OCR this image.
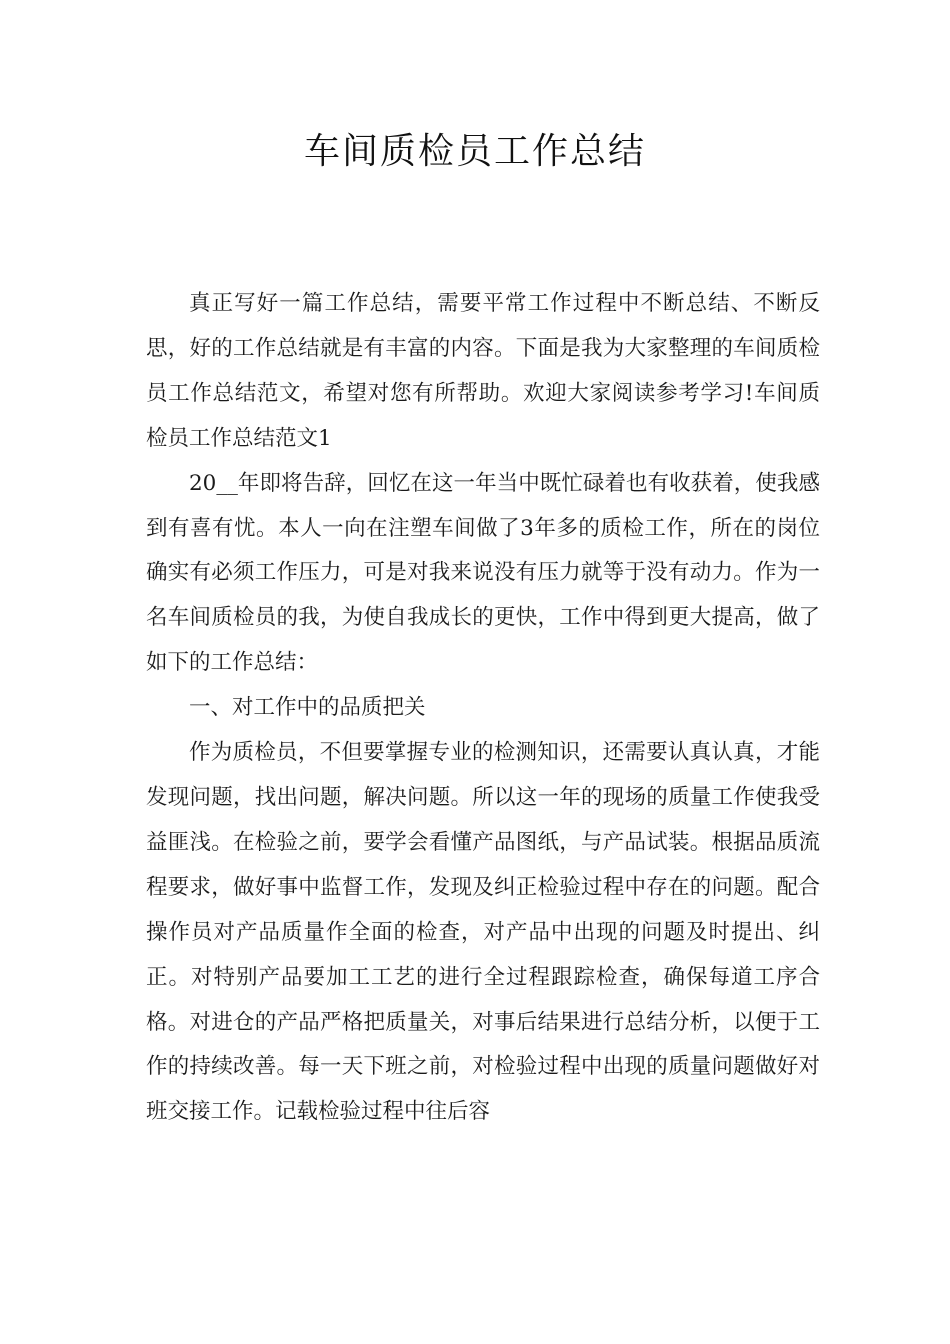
车间质检员工作总结

真正写好一篇工作总结，需要平常工作过程中不断总结、不断反思，好的工作总结就是有丰富的内容。下面是我为大家整理的车间质检员工作总结范文，希望对您有所帮助。欢迎大家阅读参考学习!车间质检员工作总结范文1

20__年即将告辞，回忆在这一年当中既忙碌着也有收获着，使我感到有喜有忧。本人一向在注塑车间做了3年多的质检工作，所在的岗位确实有必须工作压力，可是对我来说没有压力就等于没有动力。作为一名车间质检员的我，为使自我成长的更快，工作中得到更大提高，做了如下的工作总结：

一、对工作中的品质把关

作为质检员，不但要掌握专业的检测知识，还需要认真认真，才能发现问题，找出问题，解决问题。所以这一年的现场的质量工作使我受益匪浅。在检验之前，要学会看懂产品图纸，与产品试装。根据品质流程要求，做好事中监督工作，发现及纠正检验过程中存在的问题。配合操作员对产品质量作全面的检查，对产品中出现的问题及时提出、纠正。对特别产品要加工工艺的进行全过程跟踪检查，确保每道工序合格。对进仓的产品严格把质量关，对事后结果进行总结分析，以便于工作的持续改善。每一天下班之前，对检验过程中出现的质量问题做好对班交接工作。记载检验过程中往后容
